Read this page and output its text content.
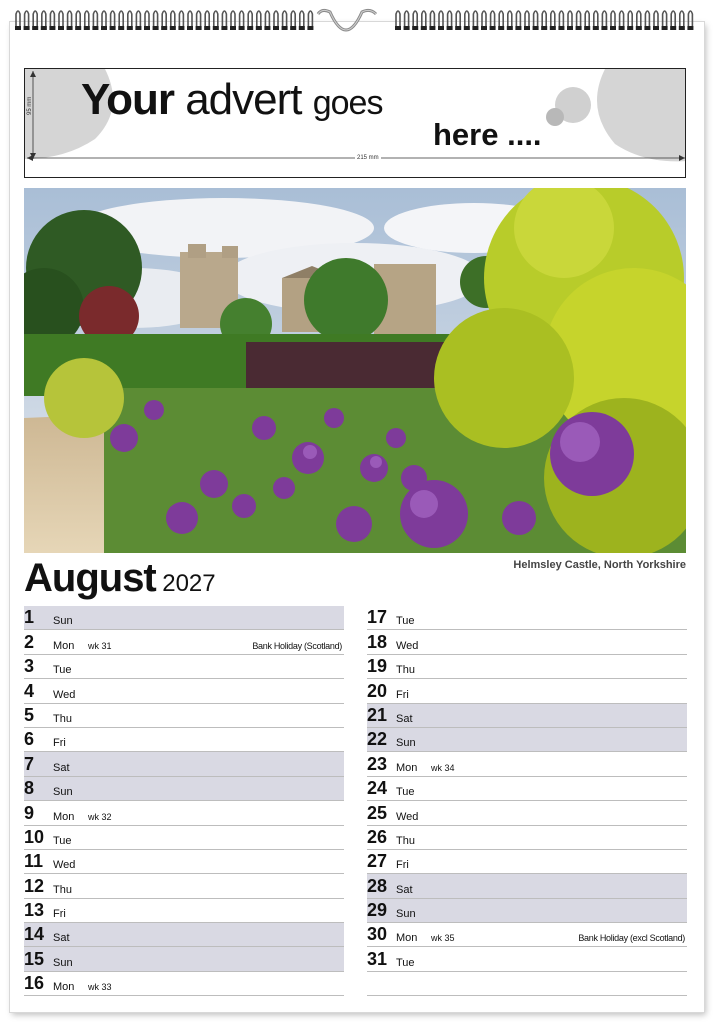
Your advert goes
here ....
95 mm
215 mm
Helmsley Castle, North Yorkshire
August 2027
1 Sun
2 Mon wk 31	Bank Holiday (Scotland)
3 Tue
4 Wed
5 Thu
6 Fri
7 Sat
8 Sun
9 Mon wk 32
10 Tue
11 Wed
12 Thu
13 Fri
14 Sat
15 Sun
16 Mon wk 33
17 Tue
18 Wed
19 Thu
20 Fri
21 Sat
22 Sun
23 Mon wk 34
24 Tue
25 Wed
26 Thu
27 Fri
28 Sat
29 Sun
30 Mon wk 35	Bank Holiday (excl Scotland)
31 Tue
